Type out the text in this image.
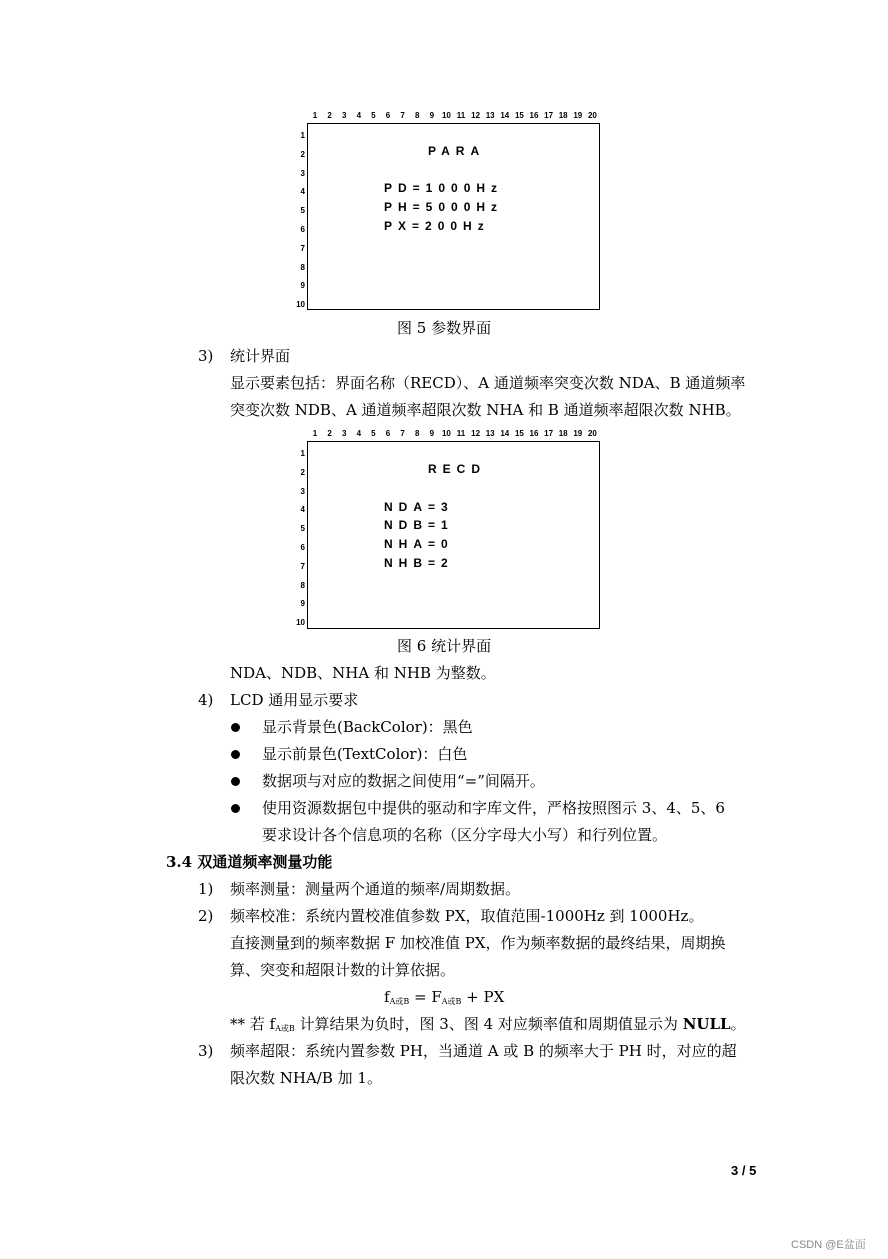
1	2	3	4	5	6	7	8	9 10 11 12 13 14 15 16 17 18 19 20
1
2
3
4
5
6
7
8
9
10
PARA
PD=1000Hz
PH=5000Hz
PX=200Hz
图 5 参数界面
3) 统计界面
显示要素包括：界面名称（RECD）、A 通道频率突变次数 NDA、B 通道频率
突变次数 NDB、A 通道频率超限次数 NHA 和 B 通道频率超限次数 NHB。
1	2	3	4	5	6	7	8	9 10 11 12 13 14 15 16 17 18 19 20
1
2
3
4
5
6
7
8
9
10
RECD
NDA=3
NDB=1
NHA=0
NHB=2
图 6 统计界面
NDA、NDB、NHA 和 NHB 为整数。
4) LCD 通用显示要求
显示背景色(BackColor)：黑色
显示前景色(TextColor)：白色
数据项与对应的数据之间使用“=”间隔开。
使用资源数据包中提供的驱动和字库文件，严格按照图示 3、4、5、6
要求设计各个信息项的名称（区分字母大小写）和行列位置。
3.4 双通道频率测量功能
1) 频率测量：测量两个通道的频率/周期数据。
2) 频率校准：系统内置校准值参数 PX，取值范围-1000Hz 到 1000Hz。
直接测量到的频率数据 F 加校准值 PX，作为频率数据的最终结果，周期换
算、突变和超限计数的计算依据。
$f_{A或B} = F_{A或B}$ + PX
** 若 $f_{A或B}$ 计算结果为负时，图 3、图 4 对应频率值和周期值显示为 NULL。
3) 频率超限：系统内置参数 PH，当通道 A 或 B 的频率大于 PH 时，对应的超
限次数 NHA/B 加 1。
3 / 5
CSDN @E盆面
